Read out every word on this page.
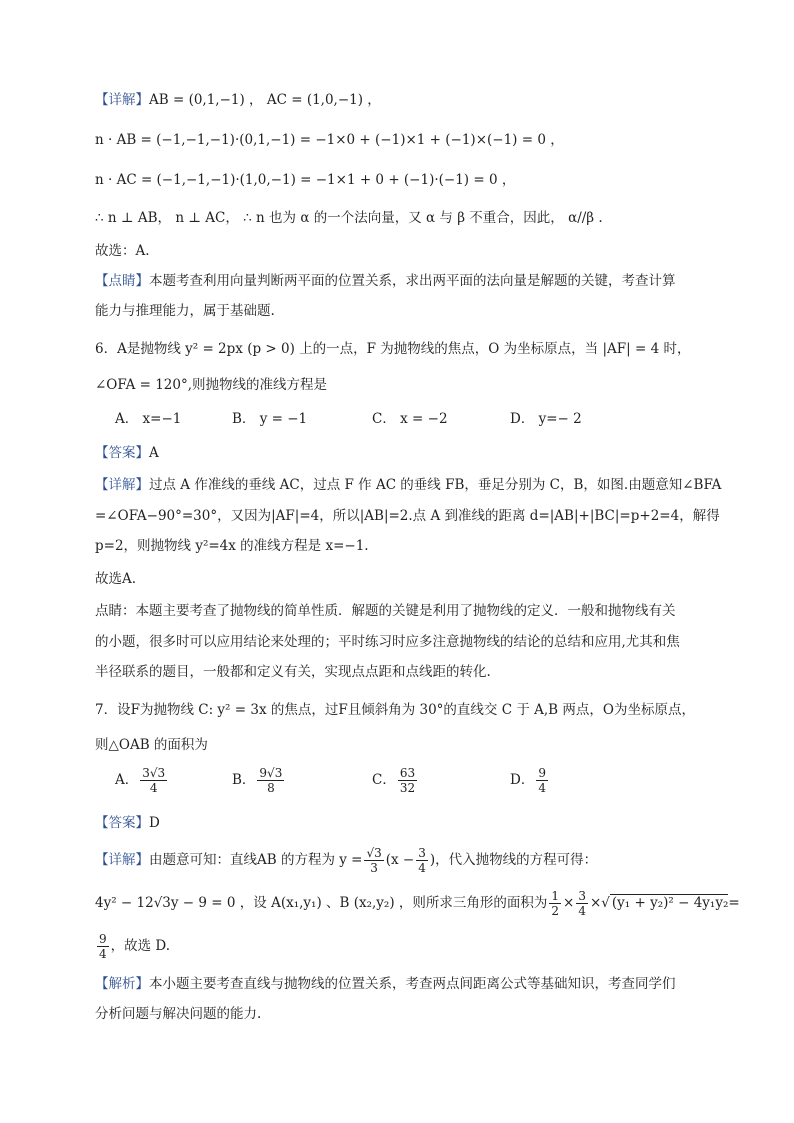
【详解】AB = (0,1,−1) ， AC = (1,0,−1) ，
n · AB = (−1,−1,−1)·(0,1,−1) = −1×0 + (−1)×1 + (−1)×(−1) = 0 ，
n · AC = (−1,−1,−1)·(1,0,−1) = −1×1 + 0 + (−1)·(−1) = 0 ，
∴ n ⊥ AB， n ⊥ AC， ∴ n 也为 α 的一个法向量，又 α 与 β 不重合，因此， α//β .
故选：A.
【点睛】本题考查利用向量判断两平面的位置关系，求出两平面的法向量是解题的关键，考查计算
能力与推理能力，属于基础题.
6．A是抛物线 y² = 2px (p > 0) 上的一点，F 为抛物线的焦点，O 为坐标原点，当 |AF| = 4 时，
∠OFA = 120°,则抛物线的准线方程是
A． x=−1	B． y = −1	C． x = −2	D． y=− 2
【答案】A
【详解】过点 A 作准线的垂线 AC，过点 F 作 AC 的垂线 FB，垂足分别为 C，B，如图.由题意知∠BFA
=∠OFA−90°=30°，又因为|AF|=4，所以|AB|=2.点 A 到准线的距离 d=|AB|+|BC|=p+2=4，解得
p=2，则抛物线 y²=4x 的准线方程是 x=−1.
故选A.
点睛：本题主要考查了抛物线的简单性质．解题的关键是利用了抛物线的定义．一般和抛物线有关
的小题，很多时可以应用结论来处理的；平时练习时应多注意抛物线的结论的总结和应用,尤其和焦
半径联系的题目，一般都和定义有关，实现点点距和点线距的转化.
7．设F为抛物线 C: y² = 3x 的焦点，过F且倾斜角为 30°的直线交 C 于 A,B 两点，O为坐标原点，
则△OAB 的面积为
A． $\frac{3√3}{4}$	B． $\frac{9√3}{8}$	C． $\frac{63}{32}$	D． $\frac{9}{4}$
【答案】D
【详解】由题意可知：直线AB 的方程为 $y = \frac{√3}{3} (x - \frac{3}{4}$ )，代入抛物线的方程可得：
4y² − 12√3y − 9 = 0 ，设 A(x₁,y₁) 、B (x₂,y₂) ，则所求三角形的面积为 $\frac{1}{2} \times \frac{3}{4}$ ×√ (y₁ + y₂)² − 4y₁y₂=
$\frac{9}{4}$ ，故选 D.
【解析】本小题主要考查直线与抛物线的位置关系，考查两点间距离公式等基础知识，考查同学们
分析问题与解决问题的能力.
